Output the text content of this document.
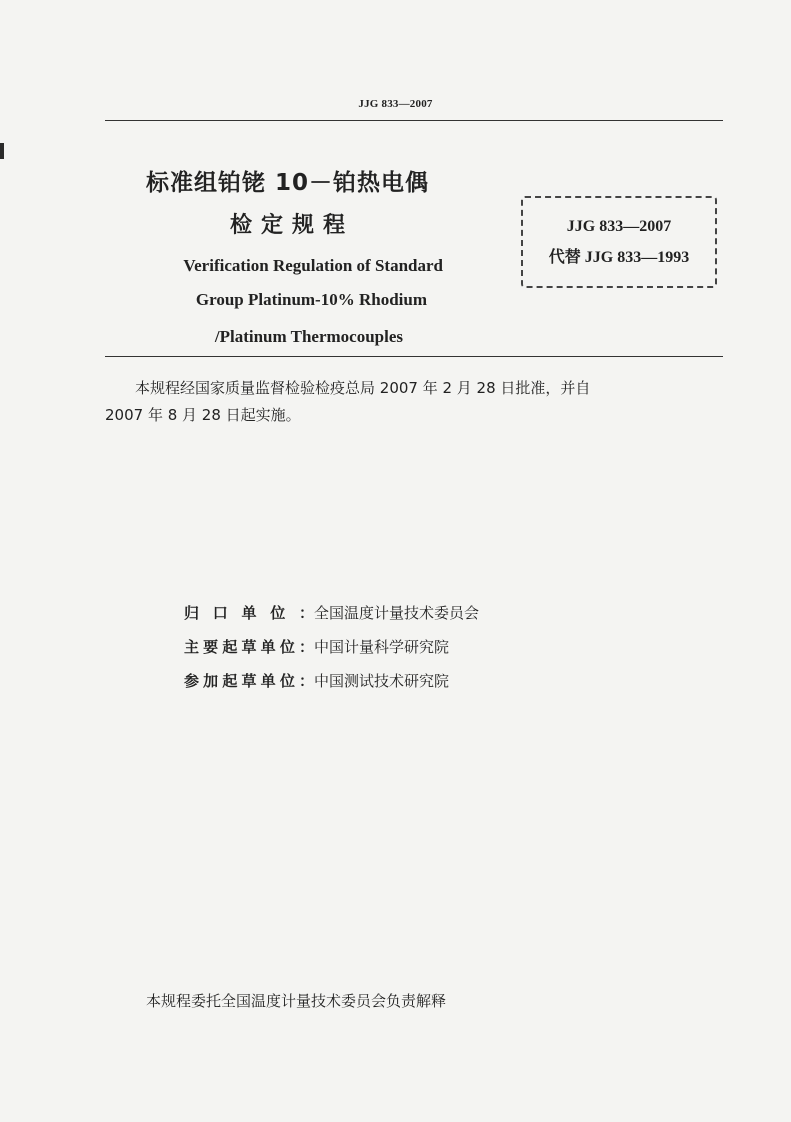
JJG 833—2007
标准组铂铑 10－铂热电偶
检定规程
Verification Regulation of Standard
Group Platinum-10% Rhodium
/Platinum Thermocouples
JJG 833—2007
代替 JJG 833—1993
本规程经国家质量监督检验检疫总局 2007 年 2 月 28 日批准，并自
2007 年 8 月 28 日起实施。
归口单位：全国温度计量技术委员会
主要起草单位：中国计量科学研究院
参加起草单位：中国测试技术研究院
本规程委托全国温度计量技术委员会负责解释
